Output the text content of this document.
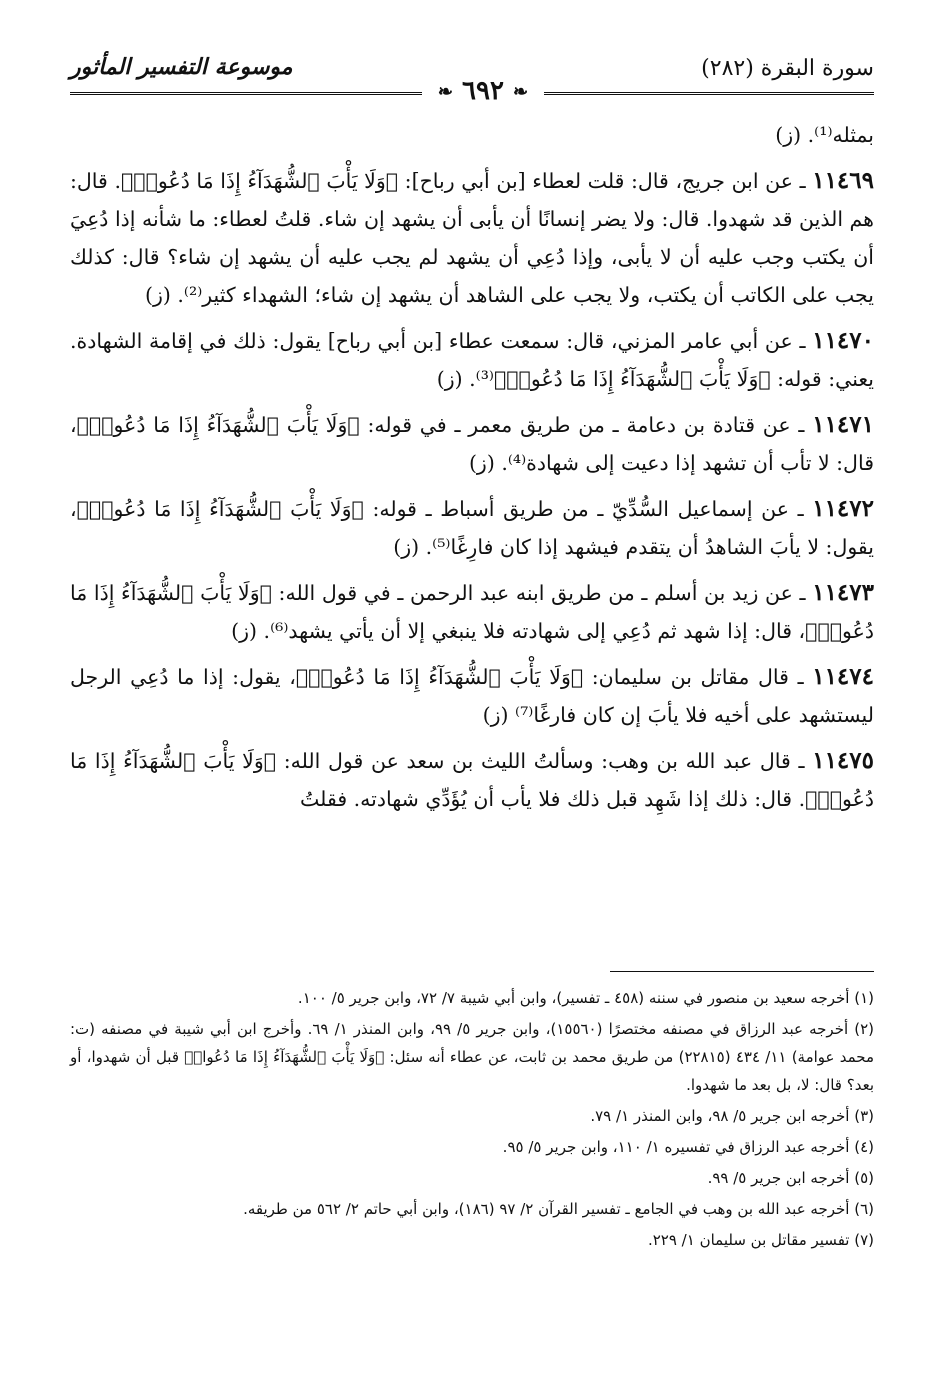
سورة البقرة (٢٨٢)
❧ ٦٩٢ ❧
موسوعة التفسير المأثور

بمثله⁽¹⁾. (ز)

١١٤٦٩ ـ عن ابن جريج، قال: قلت لعطاء [بن أبي رباح]: ﴿وَلَا يَأْبَ ٱلشُّهَدَآءُ إِذَا مَا دُعُوا۟﴾. قال: هم الذين قد شهدوا. قال: ولا يضر إنسانًا أن يأبى أن يشهد إن شاء. قلتُ لعطاء: ما شأنه إذا دُعِيَ أن يكتب وجب عليه أن لا يأبى، وإذا دُعِي أن يشهد لم يجب عليه أن يشهد إن شاء؟ قال: كذلك يجب على الكاتب أن يكتب، ولا يجب على الشاهد أن يشهد إن شاء؛ الشهداء كثير⁽²⁾. (ز)

١١٤٧٠ ـ عن أبي عامر المزني، قال: سمعت عطاء [بن أبي رباح] يقول: ذلك في إقامة الشهادة. يعني: قوله: ﴿وَلَا يَأْبَ ٱلشُّهَدَآءُ إِذَا مَا دُعُوا۟﴾⁽³⁾. (ز)

١١٤٧١ ـ عن قتادة بن دعامة ـ من طريق معمر ـ في قوله: ﴿وَلَا يَأْبَ ٱلشُّهَدَآءُ إِذَا مَا دُعُوا۟﴾، قال: لا تأب أن تشهد إذا دعيت إلى شهادة⁽⁴⁾. (ز)

١١٤٧٢ ـ عن إسماعيل السُّدِّيّ ـ من طريق أسباط ـ قوله: ﴿وَلَا يَأْبَ ٱلشُّهَدَآءُ إِذَا مَا دُعُوا۟﴾، يقول: لا يأبَ الشاهدُ أن يتقدم فيشهد إذا كان فارِغًا⁽⁵⁾. (ز)

١١٤٧٣ ـ عن زيد بن أسلم ـ من طريق ابنه عبد الرحمن ـ في قول الله: ﴿وَلَا يَأْبَ ٱلشُّهَدَآءُ إِذَا مَا دُعُوا۟﴾، قال: إذا شهد ثم دُعِي إلى شهادته فلا ينبغي إلا أن يأتي يشهد⁽⁶⁾. (ز)

١١٤٧٤ ـ قال مقاتل بن سليمان: ﴿وَلَا يَأْبَ ٱلشُّهَدَآءُ إِذَا مَا دُعُوا۟﴾، يقول: إذا ما دُعِي الرجل ليستشهد على أخيه فلا يأبَ إن كان فارغًا⁽⁷⁾ (ز)

١١٤٧٥ ـ قال عبد الله بن وهب: وسألتُ الليث بن سعد عن قول الله: ﴿وَلَا يَأْبَ ٱلشُّهَدَآءُ إِذَا مَا دُعُوا۟﴾. قال: ذلك إذا شَهِد قبل ذلك فلا يأب أن يُؤَدِّي شهادته. فقلتُ

(١) أخرجه سعيد بن منصور في سننه (٤٥٨ ـ تفسير)، وابن أبي شيبة ٧/ ٧٢، وابن جرير ٥/ ١٠٠.

(٢) أخرجه عبد الرزاق في مصنفه مختصرًا (١٥٥٦٠)، وابن جرير ٥/ ٩٩، وابن المنذر ١/ ٦٩. وأخرج ابن أبي شيبة في مصنفه (ت: محمد عوامة) ١١/ ٤٣٤ (٢٢٨١٥) من طريق محمد بن ثابت، عن عطاء أنه سئل: ﴿وَلَا يَأْبَ ٱلشُّهَدَآءُ إِذَا مَا دُعُوا۟﴾ قبل أن شهدوا، أو بعد؟ قال: لا، بل بعد ما شهدوا.

(٣) أخرجه ابن جرير ٥/ ٩٨، وابن المنذر ١/ ٧٩.

(٤) أخرجه عبد الرزاق في تفسيره ١/ ١١٠، وابن جرير ٥/ ٩٥.

(٥) أخرجه ابن جرير ٥/ ٩٩.

(٦) أخرجه عبد الله بن وهب في الجامع ـ تفسير القرآن ٢/ ٩٧ (١٨٦)، وابن أبي حاتم ٢/ ٥٦٢ من طريقه.

(٧) تفسير مقاتل بن سليمان ١/ ٢٢٩.
